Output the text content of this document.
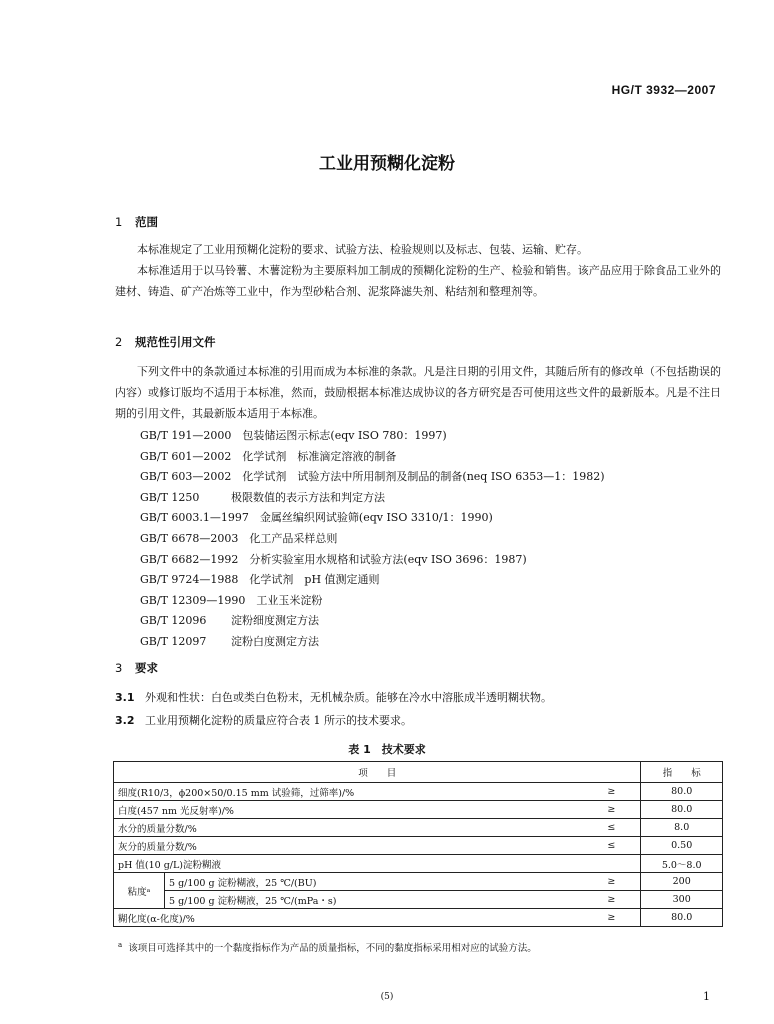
HG/T 3932—2007
工业用预糊化淀粉
1 范围
本标准规定了工业用预糊化淀粉的要求、试验方法、检验规则以及标志、包装、运输、贮存。
本标准适用于以马铃薯、木薯淀粉为主要原料加工制成的预糊化淀粉的生产、检验和销售。该产品应用于除食品工业外的建材、铸造、矿产冶炼等工业中，作为型砂粘合剂、泥浆降滤失剂、粘结剂和整理剂等。
2 规范性引用文件
下列文件中的条款通过本标准的引用而成为本标准的条款。凡是注日期的引用文件，其随后所有的修改单（不包括勘误的内容）或修订版均不适用于本标准，然而，鼓励根据本标准达成协议的各方研究是否可使用这些文件的最新版本。凡是不注日期的引用文件，其最新版本适用于本标准。
GB/T 191—2000　 包装储运图示标志(eqv ISO 780：1997)
GB/T 601—2002　 化学试剂　标准滴定溶液的制备
GB/T 603—2002　 化学试剂　试验方法中所用制剂及制品的制备(neq ISO 6353—1：1982)
GB/T 1250　	极限数值的表示方法和判定方法
GB/T 6003.1—1997　 金属丝编织网试验筛(eqv ISO 3310/1：1990)
GB/T 6678—2003　 化工产品采样总则
GB/T 6682—1992　 分析实验室用水规格和试验方法(eqv ISO 3696：1987)
GB/T 9724—1988　 化学试剂　pH 值测定通则
GB/T 12309—1990　 工业玉米淀粉
GB/T 12096　 淀粉细度测定方法
GB/T 12097　 淀粉白度测定方法
3 要求
3.1 外观和性状：白色或类白色粉末，无机械杂质。能够在冷水中溶胀成半透明糊状物。
3.2 工业用预糊化淀粉的质量应符合表 1 所示的技术要求。
表 1　技术要求
项　　目			指　　标
细度(R10/3，ϕ200×50/0.15 mm 试验筛，过筛率)/%		≥	80.0
白度(457 nm 光反射率)/%		≥	80.0
水分的质量分数/%		≤	8.0
灰分的质量分数/%		≤	0.50
pH 值(10 g/L)淀粉糊液			5.0～8.0
粘度ᵃ	5 g/100 g 淀粉糊液，25 ℃/(BU)	≥	200
	5 g/100 g 淀粉糊液，25 ℃/(mPa・s)	≥	300
糊化度(α-化度)/%		≥	80.0
$^a$ 该项目可选择其中的一个黏度指标作为产品的质量指标，不同的黏度指标采用相对应的试验方法。
(5)	1
